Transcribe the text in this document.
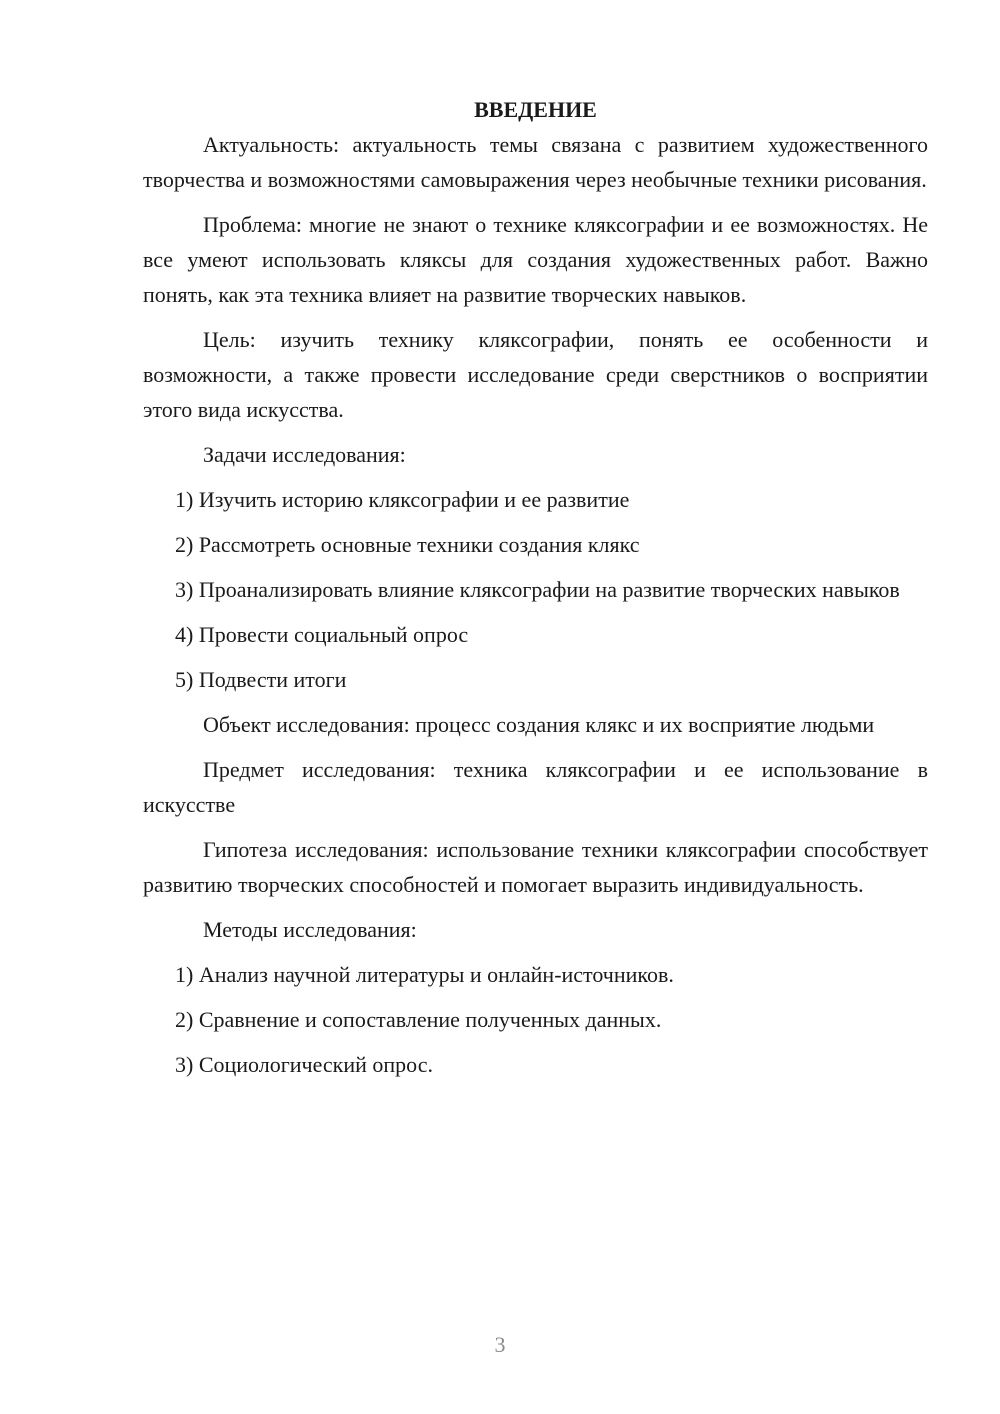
ВВЕДЕНИЕ

Актуальность: актуальность темы связана с развитием художественного творчества и возможностями самовыражения через необычные техники рисования.

Проблема: многие не знают о технике кляксографии и ее возможностях. Не все умеют использовать кляксы для создания художественных работ. Важно понять, как эта техника влияет на развитие творческих навыков.

Цель: изучить технику кляксографии, понять ее особенности и возможности, а также провести исследование среди сверстников о восприятии этого вида искусства.

Задачи исследования:

1) Изучить историю кляксографии и ее развитие

2) Рассмотреть основные техники создания клякс

3) Проанализировать влияние кляксографии на развитие творческих навыков

4) Провести социальный опрос

5) Подвести итоги

Объект исследования: процесс создания клякс и их восприятие людьми

Предмет исследования: техника кляксографии и ее использование в искусстве

Гипотеза исследования: использование техники кляксографии способствует развитию творческих способностей и помогает выразить индивидуальность.

Методы исследования:

1) Анализ научной литературы и онлайн-источников.

2) Сравнение и сопоставление полученных данных.

3) Социологический опрос.

3
